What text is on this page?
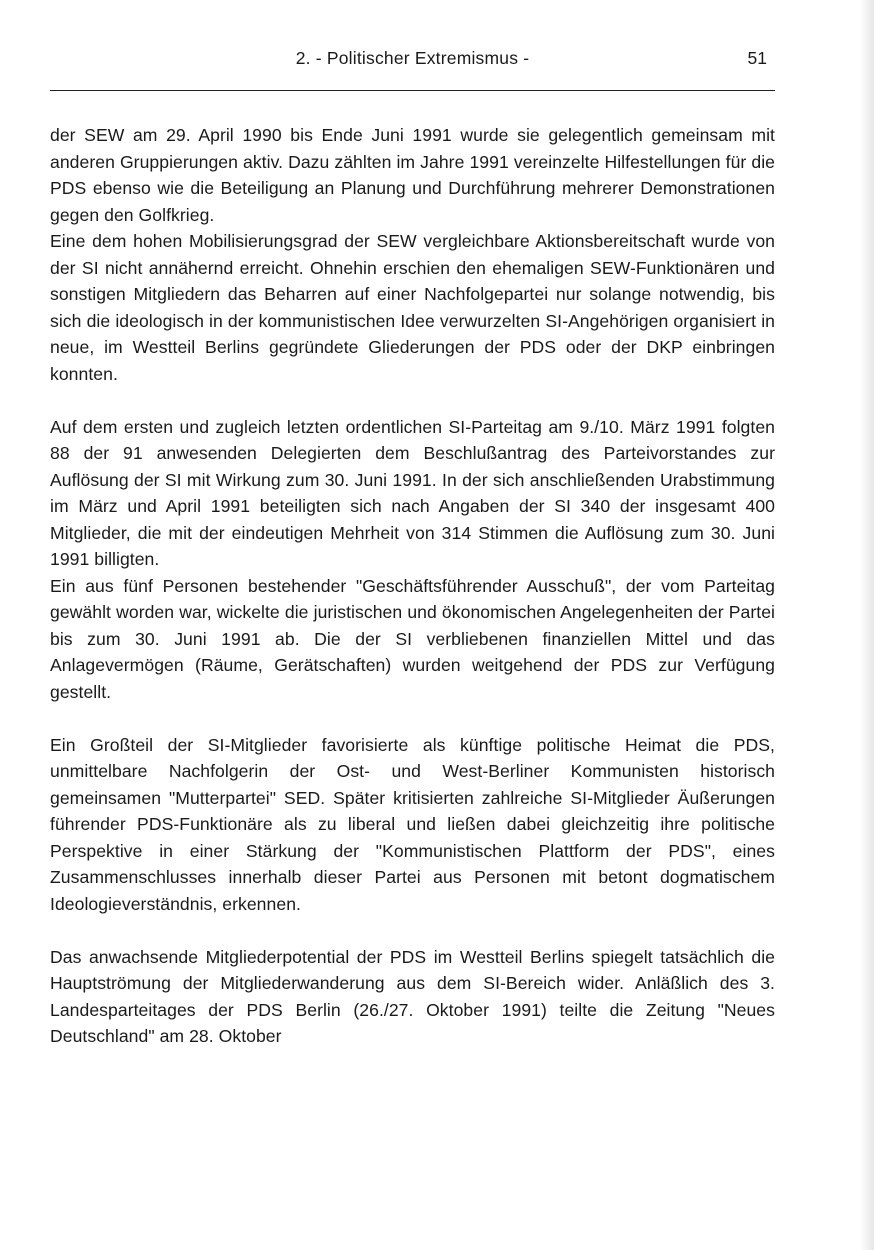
2. - Politischer Extremismus -	51

der SEW am 29. April 1990 bis Ende Juni 1991 wurde sie gelegentlich gemeinsam mit anderen Gruppierungen aktiv. Dazu zählten im Jahre 1991 vereinzelte Hilfestellungen für die PDS ebenso wie die Beteiligung an Planung und Durchführung mehrerer Demonstrationen gegen den Golfkrieg.

Eine dem hohen Mobilisierungsgrad der SEW vergleichbare Aktionsbereitschaft wurde von der SI nicht annähernd erreicht. Ohnehin erschien den ehemaligen SEW-Funktionären und sonstigen Mitgliedern das Beharren auf einer Nachfolgepartei nur solange notwendig, bis sich die ideologisch in der kommunistischen Idee verwurzelten SI-Angehörigen organisiert in neue, im Westteil Berlins gegründete Gliederungen der PDS oder der DKP einbringen konnten.

Auf dem ersten und zugleich letzten ordentlichen SI-Parteitag am 9./10. März 1991 folgten 88 der 91 anwesenden Delegierten dem Beschlußantrag des Parteivorstandes zur Auflösung der SI mit Wirkung zum 30. Juni 1991. In der sich anschließenden Urabstimmung im März und April 1991 beteiligten sich nach Angaben der SI 340 der insgesamt 400 Mitglieder, die mit der eindeutigen Mehrheit von 314 Stimmen die Auflösung zum 30. Juni 1991 billigten.

Ein aus fünf Personen bestehender "Geschäftsführender Ausschuß", der vom Parteitag gewählt worden war, wickelte die juristischen und ökonomischen Angelegenheiten der Partei bis zum 30. Juni 1991 ab. Die der SI verbliebenen finanziellen Mittel und das Anlagevermögen (Räume, Gerätschaften) wurden weitgehend der PDS zur Verfügung gestellt.

Ein Großteil der SI-Mitglieder favorisierte als künftige politische Heimat die PDS, unmittelbare Nachfolgerin der Ost- und West-Berliner Kommunisten historisch gemeinsamen "Mutterpartei" SED. Später kritisierten zahlreiche SI-Mitglieder Äußerungen führender PDS-Funktionäre als zu liberal und ließen dabei gleichzeitig ihre politische Perspektive in einer Stärkung der "Kommunistischen Plattform der PDS", eines Zusammenschlusses innerhalb dieser Partei aus Personen mit betont dogmatischem Ideologieverständnis, erkennen.

Das anwachsende Mitgliederpotential der PDS im Westteil Berlins spiegelt tatsächlich die Hauptströmung der Mitgliederwanderung aus dem SI-Bereich wider. Anläßlich des 3. Landesparteitages der PDS Berlin (26./27. Oktober 1991) teilte die Zeitung "Neues Deutschland" am 28. Oktober
